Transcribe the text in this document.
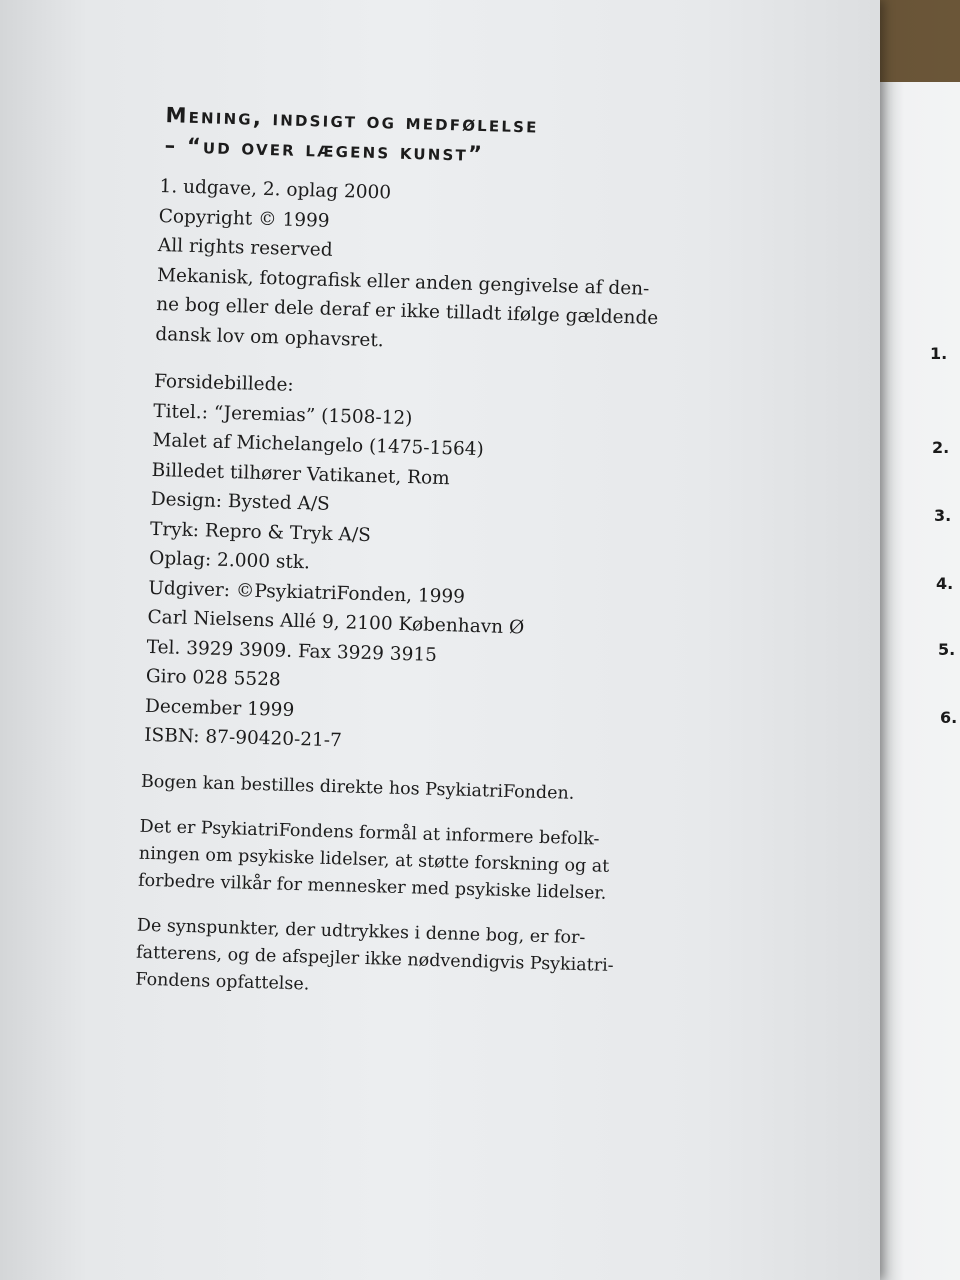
Mening, indsigt og medfølelse
– “ud over lægens kunst”
1. udgave, 2. oplag 2000
Copyright © 1999
All rights reserved
Mekanisk, fotografisk eller anden gengivelse af den-
ne bog eller dele deraf er ikke tilladt ifølge gældende
dansk lov om ophavsret.
Forsidebillede:
Titel.: “Jeremias” (1508-12)
Malet af Michelangelo (1475-1564)
Billedet tilhører Vatikanet, Rom
Design: Bysted A/S
Tryk: Repro & Tryk A/S
Oplag: 2.000 stk.
Udgiver: ©PsykiatriFonden, 1999
Carl Nielsens Allé 9, 2100 København Ø
Tel. 3929 3909. Fax 3929 3915
Giro 028 5528
December 1999
ISBN: 87-90420-21-7
Bogen kan bestilles direkte hos PsykiatriFonden.
Det er PsykiatriFondens formål at informere befolk-
ningen om psykiske lidelser, at støtte forskning og at
forbedre vilkår for mennesker med psykiske lidelser.
De synspunkter, der udtrykkes i denne bog, er for-
fatterens, og de afspejler ikke nødvendigvis Psykiatri-
Fondens opfattelse.
1.
2.
3.
4.
5.
6.
